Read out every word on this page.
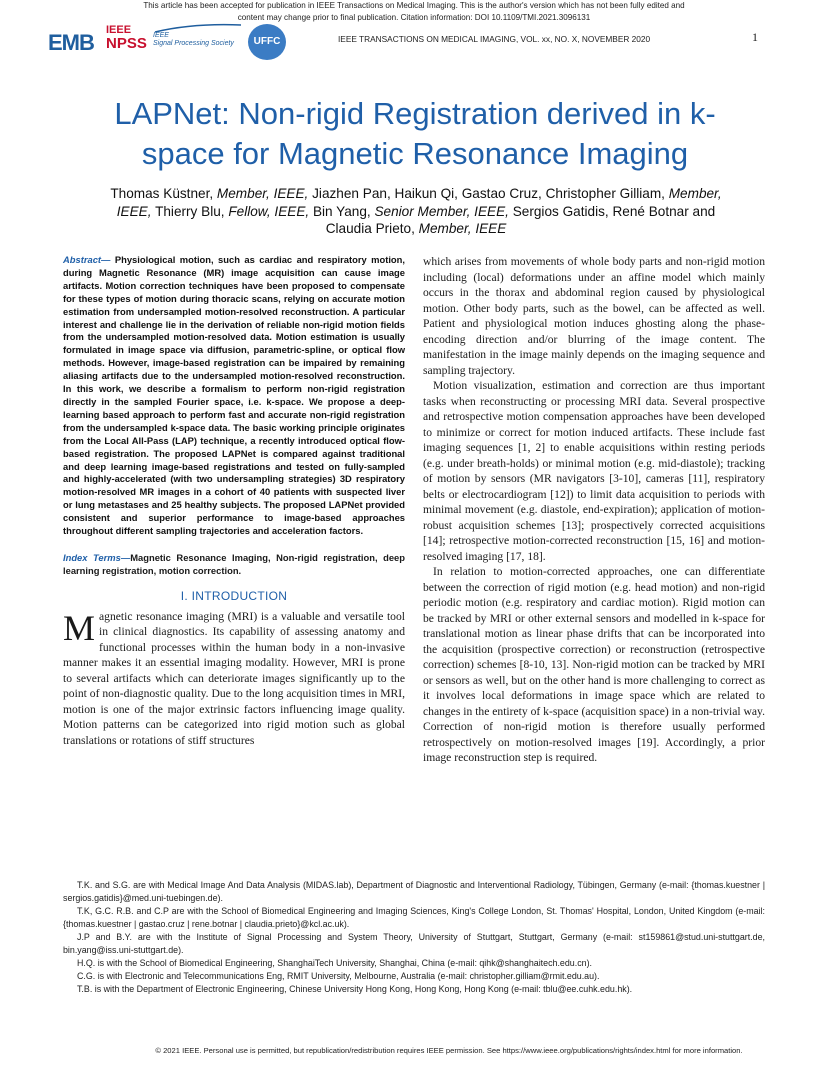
This article has been accepted for publication in IEEE Transactions on Medical Imaging. This is the author's version which has not been fully edited and
content may change prior to final publication. Citation information: DOI 10.1109/TMI.2021.3096131
EMB IEEE
NPSS IEEE
Signal Processing Society	UFFC	IEEE TRANSACTIONS ON MEDICAL IMAGING, VOL. xx, NO. X, NOVEMBER 2020	1
LAPNet: Non-rigid Registration derived in k-
space for Magnetic Resonance Imaging
Thomas Küstner, Member, IEEE, Jiazhen Pan, Haikun Qi, Gastao Cruz, Christopher Gilliam, Member,
IEEE, Thierry Blu, Fellow, IEEE, Bin Yang, Senior Member, IEEE, Sergios Gatidis, René Botnar and
Claudia Prieto, Member, IEEE

Abstract— Physiological motion, such as cardiac and respiratory motion, during Magnetic Resonance (MR) image acquisition can cause image artifacts. Motion correction techniques have been proposed to compensate for these types of motion during thoracic scans, relying on accurate motion estimation from undersampled motion-resolved reconstruction. A particular interest and challenge lie in the derivation of reliable non-rigid motion fields from the undersampled motion-resolved data. Motion estimation is usually formulated in image space via diffusion, parametric-spline, or optical flow methods. However, image-based registration can be impaired by remaining aliasing artifacts due to the undersampled motion-resolved reconstruction. In this work, we describe a formalism to perform non-rigid registration directly in the sampled Fourier space, i.e. k-space. We propose a deep-learning based approach to perform fast and accurate non-rigid registration from the undersampled k-space data. The basic working principle originates from the Local All-Pass (LAP) technique, a recently introduced optical flow-based registration. The proposed LAPNet is compared against traditional and deep learning image-based registrations and tested on fully-sampled and highly-accelerated (with two undersampling strategies) 3D respiratory motion-resolved MR images in a cohort of 40 patients with suspected liver or lung metastases and 25 healthy subjects. The proposed LAPNet provided consistent and superior performance to image-based approaches throughout different sampling trajectories and acceleration factors.

Index Terms—Magnetic Resonance Imaging, Non-rigid registration, deep learning registration, motion correction.

I. INTRODUCTION

Magnetic resonance imaging (MRI) is a valuable and versatile tool in clinical diagnostics. Its capability of assessing anatomy and functional processes within the human body in a non-invasive manner makes it an essential imaging modality. However, MRI is prone to several artifacts which can deteriorate images significantly up to the point of non-diagnostic quality. Due to the long acquisition times in MRI, motion is one of the major extrinsic factors influencing image quality. Motion patterns can be categorized into rigid motion such as global translations or rotations of stiff structures

which arises from movements of whole body parts and non-rigid motion including (local) deformations under an affine model which mainly occurs in the thorax and abdominal region caused by physiological motion. Other body parts, such as the bowel, can be affected as well. Patient and physiological motion induces ghosting along the phase-encoding direction and/or blurring of the image content. The manifestation in the image mainly depends on the imaging sequence and sampling trajectory.

Motion visualization, estimation and correction are thus important tasks when reconstructing or processing MRI data. Several prospective and retrospective motion compensation approaches have been developed to minimize or correct for motion induced artifacts. These include fast imaging sequences [1, 2] to enable acquisitions within resting periods (e.g. under breath-holds) or minimal motion (e.g. mid-diastole); tracking of motion by sensors (MR navigators [3-10], cameras [11], respiratory belts or electrocardiogram [12]) to limit data acquisition to periods with minimal movement (e.g. diastole, end-expiration); application of motion-robust acquisition schemes [13]; prospectively corrected acquisitions [14]; retrospective motion-corrected reconstruction [15, 16] and motion-resolved imaging [17, 18].

In relation to motion-corrected approaches, one can differentiate between the correction of rigid motion (e.g. head motion) and non-rigid periodic motion (e.g. respiratory and cardiac motion). Rigid motion can be tracked by MRI or other external sensors and modelled in k-space for translational motion as linear phase drifts that can be incorporated into the acquisition (prospective correction) or reconstruction (retrospective correction) schemes [8-10, 13]. Non-rigid motion can be tracked by MRI or sensors as well, but on the other hand is more challenging to correct as it involves local deformations in image space which are related to changes in the entirety of k-space (acquisition space) in a non-trivial way. Correction of non-rigid motion is therefore usually performed retrospectively on motion-resolved images [19]. Accordingly, a prior image reconstruction step is required.

T.K. and S.G. are with Medical Image And Data Analysis (MIDAS.lab), Department of Diagnostic and Interventional Radiology, Tübingen, Germany (e-mail: {thomas.kuestner | sergios.gatidis}@med.uni-tuebingen.de).

T.K, G.C. R.B. and C.P are with the School of Biomedical Engineering and Imaging Sciences, King's College London, St. Thomas' Hospital, London, United Kingdom (e-mail: {thomas.kuestner | gastao.cruz | rene.botnar | claudia.prieto}@kcl.ac.uk).

J.P and B.Y. are with the Institute of Signal Processing and System Theory, University of Stuttgart, Stuttgart, Germany (e-mail: st159861@stud.uni-stuttgart.de, bin.yang@iss.uni-stuttgart.de).

H.Q. is with the School of Biomedical Engineering, ShanghaiTech University, Shanghai, China (e-mail: qihk@shanghaitech.edu.cn).

C.G. is with Electronic and Telecommunications Eng, RMIT University, Melbourne, Australia (e-mail: christopher.gilliam@rmit.edu.au).

T.B. is with the Department of Electronic Engineering, Chinese University Hong Kong, Hong Kong, Hong Kong (e-mail: tblu@ee.cuhk.edu.hk).

© 2021 IEEE. Personal use is permitted, but republication/redistribution requires IEEE permission. See https://www.ieee.org/publications/rights/index.html for more information.
